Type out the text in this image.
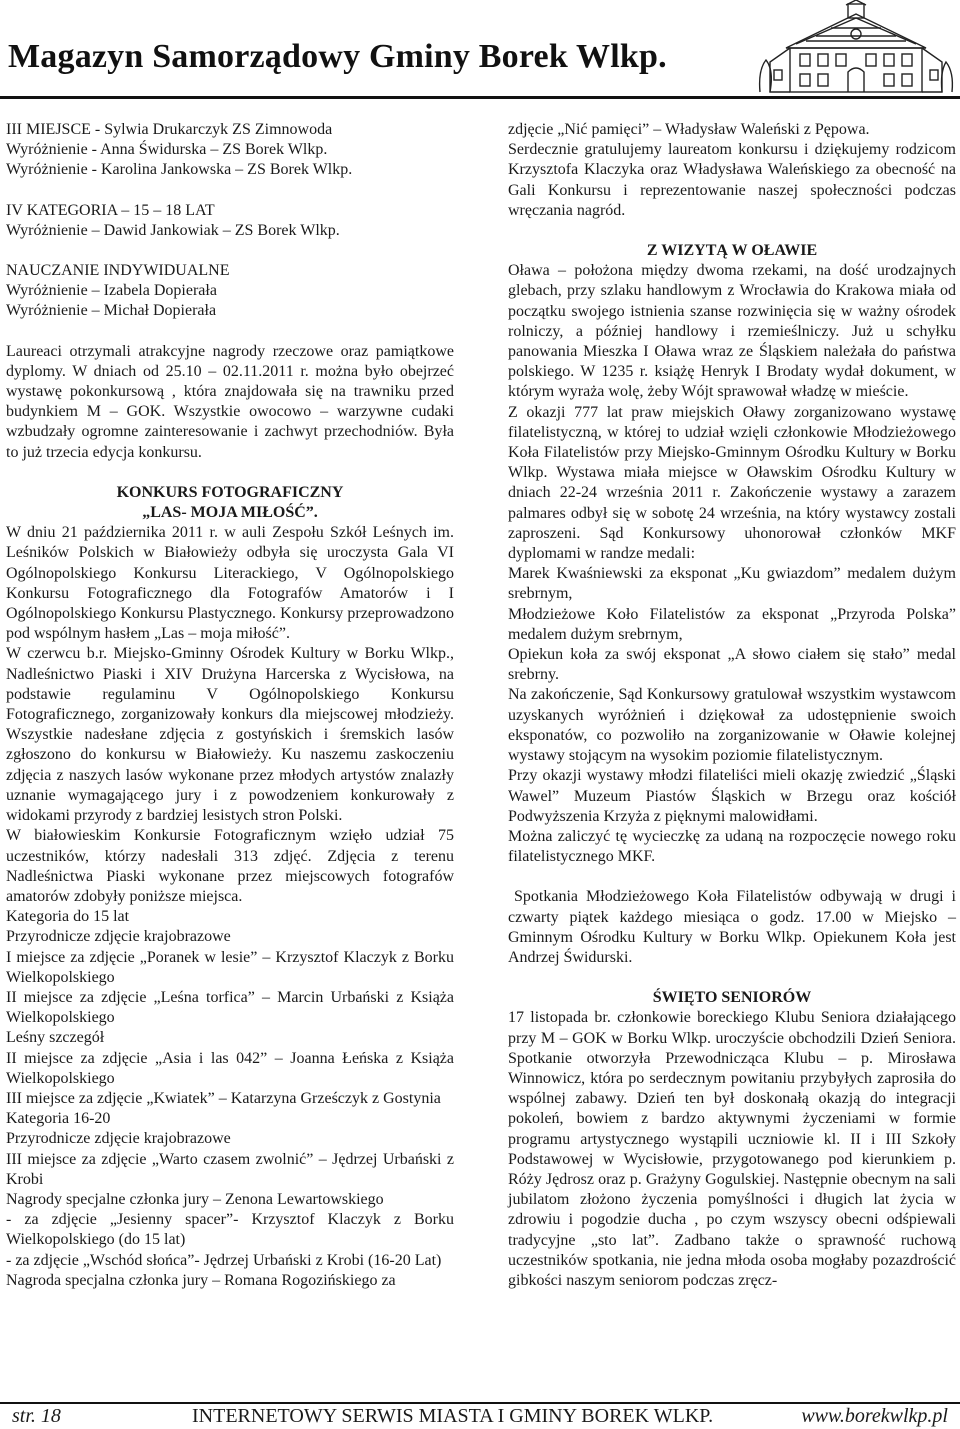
Magazyn Samorządowy Gminy Borek Wlkp.

III MIEJSCE - Sylwia Drukarczyk ZS Zimnowoda

Wyróżnienie - Anna Świdurska – ZS Borek Wlkp.

Wyróżnienie - Karolina Jankowska – ZS Borek Wlkp.

IV KATEGORIA – 15 – 18 LAT

Wyróżnienie – Dawid Jankowiak – ZS Borek Wlkp.

NAUCZANIE INDYWIDUALNE

Wyróżnienie – Izabela Dopierała

Wyróżnienie – Michał Dopierała

Laureaci otrzymali atrakcyjne nagrody rzeczowe oraz pamiątkowe dyplomy. W dniach od 25.10 – 02.11.2011 r. można było obejrzeć wystawę pokonkursową , która znajdowała się na trawniku przed budynkiem M – GOK. Wszystkie owocowo – warzywne cudaki wzbudzały ogromne zainteresowanie i zachwyt przechodniów. Była to już trzecia edycja konkursu.

KONKURS FOTOGRAFICZNY

„LAS- MOJA MIŁOŚĆ”.

W dniu 21 października 2011 r. w auli Zespołu Szkół Leśnych im. Leśników Polskich w Białowieży odbyła się uroczysta Gala VI Ogólnopolskiego Konkursu Literackiego, V Ogólnopolskiego Konkursu Fotograficznego dla Fotografów Amatorów i I Ogólnopolskiego Konkursu Plastycznego. Konkursy przeprowadzono pod wspólnym hasłem „Las – moja miłość”.

W czerwcu b.r. Miejsko-Gminny Ośrodek Kultury w Borku Wlkp., Nadleśnictwo Piaski i XIV Drużyna Harcerska z Wycisłowa, na podstawie regulaminu V Ogólnopolskiego Konkursu Fotograficznego, zorganizowały konkurs dla miejscowej młodzieży. Wszystkie nadesłane zdjęcia z gostyńskich i śremskich lasów zgłoszono do konkursu w Białowieży. Ku naszemu zaskoczeniu zdjęcia z naszych lasów wykonane przez młodych artystów znalazły uznanie wymagającego jury i z powodzeniem konkurowały z widokami przyrody z bardziej lesistych stron Polski.

W białowieskim Konkursie Fotograficznym wzięło udział 75 uczestników, którzy nadesłali 313 zdjęć. Zdjęcia z terenu Nadleśnictwa Piaski wykonane przez miejscowych fotografów amatorów zdobyły poniższe miejsca.

Kategoria do 15 lat

Przyrodnicze zdjęcie krajobrazowe

I miejsce za zdjęcie „Poranek w lesie” – Krzysztof Klaczyk z Borku Wielkopolskiego

II miejsce za zdjęcie „Leśna torfica” – Marcin Urbański z Książa Wielkopolskiego

Leśny szczegół

II miejsce za zdjęcie „Asia i las 042” – Joanna Łeńska z Książa Wielkopolskiego

III miejsce za zdjęcie „Kwiatek” – Katarzyna Grześczyk z Gostynia

Kategoria 16-20

Przyrodnicze zdjęcie krajobrazowe

III miejsce za zdjęcie „Warto czasem zwolnić” – Jędrzej Urbański z Krobi

Nagrody specjalne członka jury – Zenona Lewartowskiego

- za zdjęcie „Jesienny spacer”- Krzysztof Klaczyk z Borku Wielkopolskiego (do 15 lat)

- za zdjęcie „Wschód słońca”- Jędrzej Urbański z Krobi (16-20 Lat)

Nagroda specjalna członka jury – Romana Rogozińskiego za

zdjęcie „Nić pamięci” – Władysław Waleński z Pępowa.

Serdecznie gratulujemy laureatom konkursu i dziękujemy rodzicom Krzysztofa Klaczyka oraz Władysława Waleńskiego za obecność na Gali Konkursu i reprezentowanie naszej społeczności podczas wręczania nagród.

Z WIZYTĄ W OŁAWIE

Oława – położona między dwoma rzekami, na dość urodzajnych glebach, przy szlaku handlowym z Wrocławia do Krakowa miała od początku swojego istnienia szanse rozwinięcia się w ważny ośrodek rolniczy, a później handlowy i rzemieślniczy. Już u schyłku panowania Mieszka I Oława wraz ze Śląskiem należała do państwa polskiego. W 1235 r. książę Henryk I Brodaty wydał dokument, w którym wyraża wolę, żeby Wójt sprawował władzę w mieście.

Z okazji 777 lat praw miejskich Oławy zorganizowano wystawę filatelistyczną, w której to udział wzięli członkowie Młodzieżowego Koła Filatelistów przy Miejsko-Gminnym Ośrodku Kultury w Borku Wlkp. Wystawa miała miejsce w Oławskim Ośrodku Kultury w dniach 22-24 września 2011 r. Zakończenie wystawy a zarazem palmares odbył się w sobotę 24 września, na który wystawcy zostali zaproszeni. Sąd Konkursowy uhonorował członków MKF dyplomami w randze medali:

Marek Kwaśniewski za eksponat „Ku gwiazdom” medalem dużym srebrnym,

Młodzieżowe Koło Filatelistów za eksponat „Przyroda Polska” medalem dużym srebrnym,

Opiekun koła za swój eksponat „A słowo ciałem się stało” medal srebrny.

Na zakończenie, Sąd Konkursowy gratulował wszystkim wystawcom uzyskanych wyróżnień i dziękował za udostępnienie swoich eksponatów, co pozwoliło na zorganizowanie w Oławie kolejnej wystawy stojącym na wysokim poziomie filatelistycznym.

Przy okazji wystawy młodzi filateliści mieli okazję zwiedzić „Śląski Wawel” Muzeum Piastów Śląskich w Brzegu oraz kościół Podwyższenia Krzyża z pięknymi malowidłami.

Można zaliczyć tę wycieczkę za udaną na rozpoczęcie nowego roku filatelistycznego MKF.

Spotkania Młodzieżowego Koła Filatelistów odbywają w drugi i czwarty piątek każdego miesiąca o godz. 17.00 w Miejsko – Gminnym Ośrodku Kultury w Borku Wlkp. Opiekunem Koła jest Andrzej Świdurski.

ŚWIĘTO SENIORÓW

17 listopada br. członkowie boreckiego Klubu Seniora działającego przy M – GOK w Borku Wlkp. uroczyście obchodzili Dzień Seniora. Spotkanie otworzyła Przewodnicząca Klubu – p. Mirosława Winnowicz, która po serdecznym powitaniu przybyłych zaprosiła do wspólnej zabawy. Dzień ten był doskonałą okazją do integracji pokoleń, bowiem z bardzo aktywnymi życzeniami w formie programu artystycznego wystąpili uczniowie kl. II i III Szkoły Podstawowej w Wycisłowie, przygotowanego pod kierunkiem p. Róży Jędrosz oraz p. Grażyny Gogulskiej. Następnie obecnym na sali jubilatom złożono życzenia pomyślności i długich lat życia w zdrowiu i pogodzie ducha , po czym wszyscy obecni odśpiewali tradycyjne „sto lat”. Zadbano także o sprawność ruchową uczestników spotkania, nie jedna młoda osoba mogłaby pozazdrościć gibkości naszym seniorom podczas zręcz-

str. 18	INTERNETOWY SERWIS MIASTA I GMINY BOREK WLKP.	www.borekwlkp.pl
